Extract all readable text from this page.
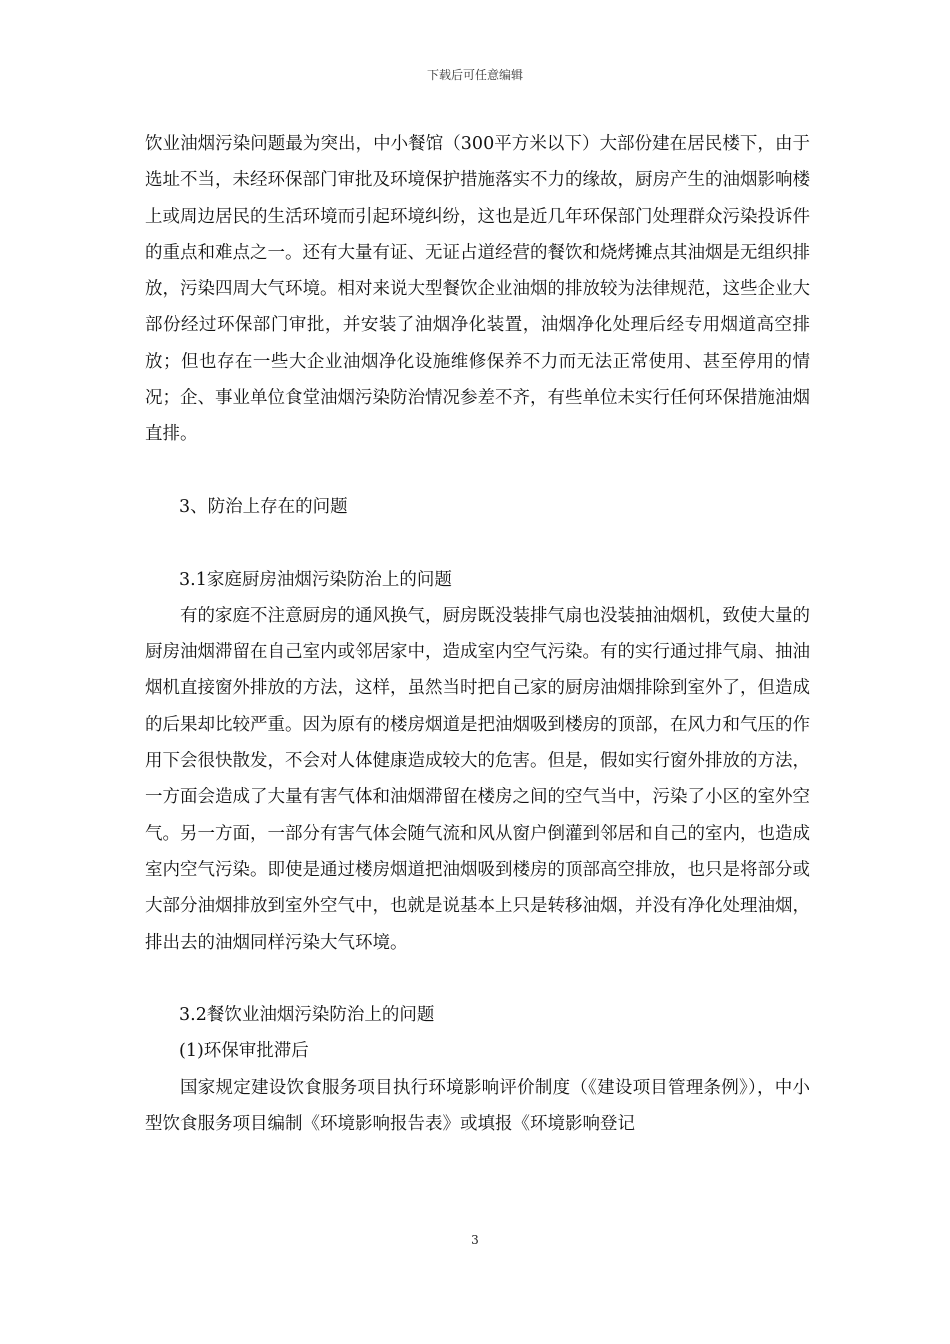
下载后可任意编辑

饮业油烟污染问题最为突出，中小餐馆（300平方米以下）大部份建在居民楼下，由于选址不当，未经环保部门审批及环境保护措施落实不力的缘故，厨房产生的油烟影响楼上或周边居民的生活环境而引起环境纠纷，这也是近几年环保部门处理群众污染投诉件的重点和难点之一。还有大量有证、无证占道经营的餐饮和烧烤摊点其油烟是无组织排放，污染四周大气环境。相对来说大型餐饮企业油烟的排放较为法律规范，这些企业大部份经过环保部门审批，并安装了油烟净化装置，油烟净化处理后经专用烟道高空排放；但也存在一些大企业油烟净化设施维修保养不力而无法正常使用、甚至停用的情况；企、事业单位食堂油烟污染防治情况参差不齐，有些单位未实行任何环保措施油烟直排。

3、防治上存在的问题

3.1家庭厨房油烟污染防治上的问题

有的家庭不注意厨房的通风换气，厨房既没装排气扇也没装抽油烟机，致使大量的厨房油烟滞留在自己室内或邻居家中，造成室内空气污染。有的实行通过排气扇、抽油烟机直接窗外排放的方法，这样，虽然当时把自己家的厨房油烟排除到室外了，但造成的后果却比较严重。因为原有的楼房烟道是把油烟吸到楼房的顶部，在风力和气压的作用下会很快散发，不会对人体健康造成较大的危害。但是，假如实行窗外排放的方法，一方面会造成了大量有害气体和油烟滞留在楼房之间的空气当中，污染了小区的室外空气。另一方面，一部分有害气体会随气流和风从窗户倒灌到邻居和自己的室内，也造成室内空气污染。即使是通过楼房烟道把油烟吸到楼房的顶部高空排放，也只是将部分或大部分油烟排放到室外空气中，也就是说基本上只是转移油烟，并没有净化处理油烟，排出去的油烟同样污染大气环境。

3.2餐饮业油烟污染防治上的问题

(1)环保审批滞后

国家规定建设饮食服务项目执行环境影响评价制度（《建设项目管理条例》），中小型饮食服务项目编制《环境影响报告表》或填报《环境影响登记

3
